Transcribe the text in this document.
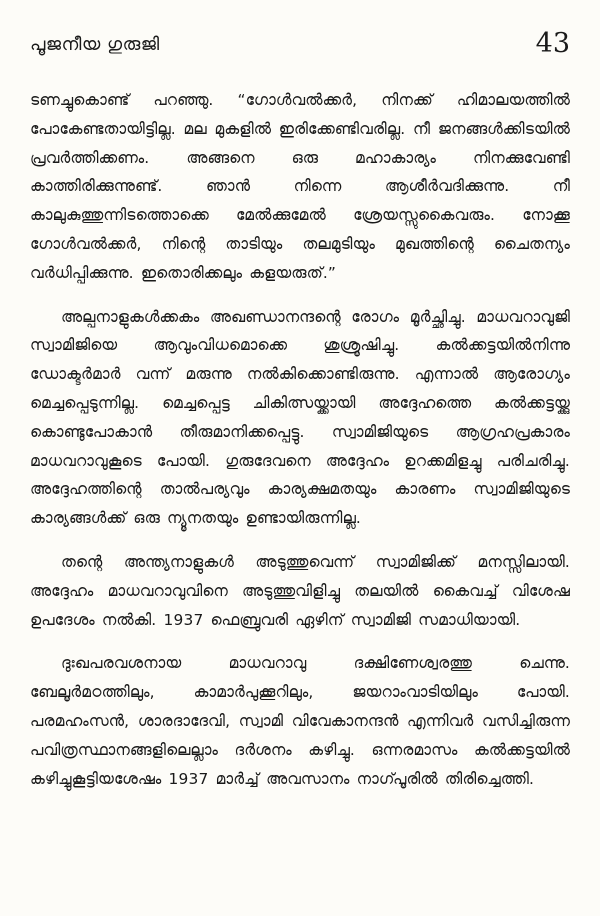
പൂജനീയ ഗുരുജി	43

ടണച്ചുകൊണ്ട് പറഞ്ഞു. “ഗോൾവൽക്കർ, നിനക്ക് ഹിമാലയത്തിൽ പോകേണ്ടതായിട്ടില്ല. മല മുകളിൽ ഇരിക്കേണ്ടിവരില്ല. നീ ജനങ്ങൾക്കിടയിൽ പ്രവർത്തിക്കണം. അങ്ങനെ ഒരു മഹാകാര്യം നിനക്കുവേണ്ടി കാത്തിരിക്കുന്നുണ്ട്. ഞാൻ നിന്നെ ആശീർവദിക്കുന്നു. നീ കാലുകുത്തുന്നിടത്തൊക്കെ മേൽക്കുമേൽ ശ്രേയസ്സുകൈവരും. നോക്കൂ ഗോൾവൽക്കർ, നിന്റെ താടിയും തലമുടിയും മുഖത്തിന്റെ ചൈതന്യം വർധിപ്പിക്കുന്നു. ഇതൊരിക്കലും കളയരുത്.”

അല്പനാളുകൾക്കകം അഖണ്ഡാനന്ദന്റെ രോഗം മൂർച്ഛിച്ചു. മാധവറാവുജി സ്വാമിജിയെ ആവുംവിധമൊക്കെ ശുശ്രൂഷിച്ചു. കൽക്കട്ടയിൽനിന്നു ഡോക്ടർമാർ വന്ന് മരുന്നു നൽകിക്കൊണ്ടിരുന്നു. എന്നാൽ ആരോഗ്യം മെച്ചപ്പെടുന്നില്ല. മെച്ചപ്പെട്ട ചികിത്സയ്ക്കായി അദ്ദേഹത്തെ കൽക്കട്ടയ്ക്കു കൊണ്ടുപോകാൻ തീരുമാനിക്കപ്പെട്ടു. സ്വാമിജിയുടെ ആഗ്രഹപ്രകാരം മാധവറാവുകൂടെ പോയി. ഗുരുദേവനെ അദ്ദേഹം ഉറക്കമിളച്ചു പരിചരിച്ചു. അദ്ദേഹത്തിന്റെ താൽപര്യവും കാര്യക്ഷമതയും കാരണം സ്വാമിജിയുടെ കാര്യങ്ങൾക്ക് ഒരു ന്യൂനതയും ഉണ്ടായിരുന്നില്ല.

തന്റെ അന്ത്യനാളുകൾ അടുത്തുവെന്ന് സ്വാമിജിക്ക് മനസ്സിലായി. അദ്ദേഹം മാധവറാവുവിനെ അടുത്തുവിളിച്ചു തലയിൽ കൈവച്ച് വിശേഷ ഉപദേശം നൽകി. 1937 ഫെബ്രുവരി ഏഴിന് സ്വാമിജി സമാധിയായി.

ദുഃഖപരവശനായ മാധവറാവു ദക്ഷിണേശ്വരത്തു ചെന്നു. ബേലൂർമഠത്തിലും, കാമാർപുക്കൂറിലും, ജയറാംവാടിയിലും പോയി. പരമഹംസൻ, ശാരദാദേവി, സ്വാമി വിവേകാനന്ദൻ എന്നിവർ വസിച്ചിരുന്ന പവിത്രസ്ഥാനങ്ങളിലെല്ലാം ദർശനം കഴിച്ചു. ഒന്നരമാസം കൽക്കട്ടയിൽ കഴിച്ചുകൂട്ടിയശേഷം 1937 മാർച്ച് അവസാനം നാഗ്പൂരിൽ തിരിച്ചെത്തി.
